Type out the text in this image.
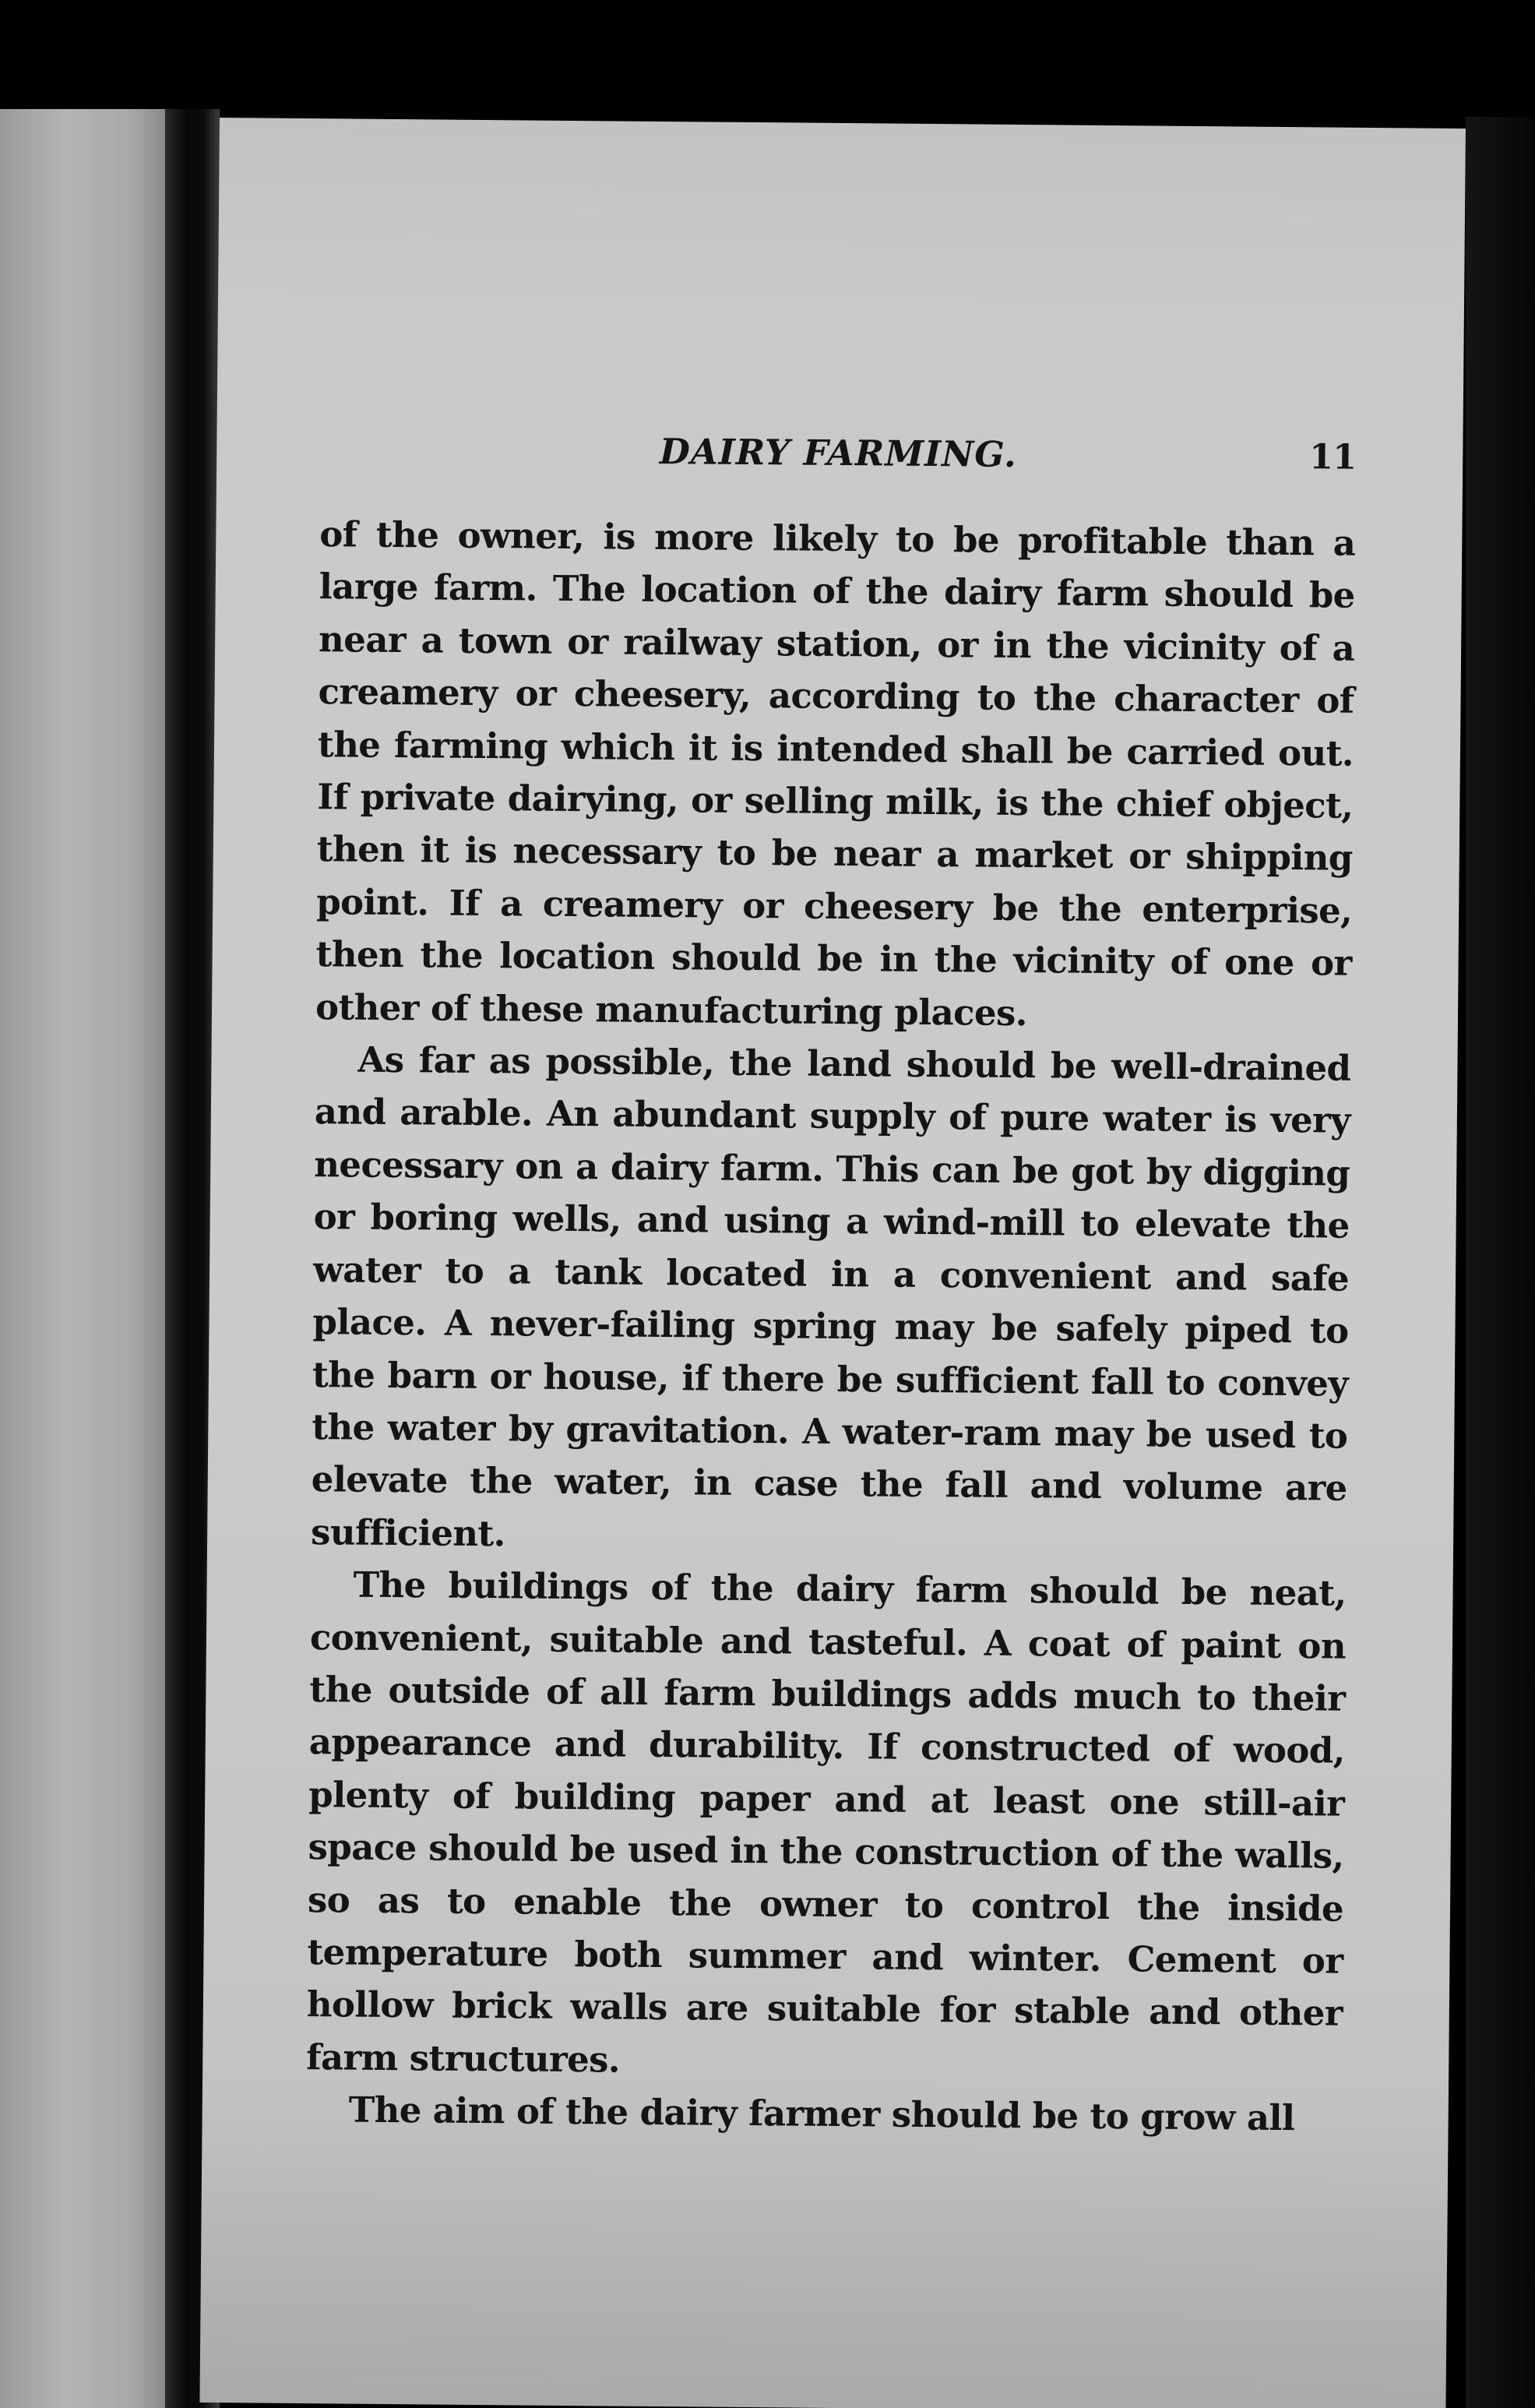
DAIRY FARMING.	11

of the owner, is more likely to be profitable than a large farm. The location of the dairy farm should be near a town or railway station, or in the vicinity of a creamery or cheesery, according to the character of the farming which it is intended shall be carried out. If private dairying, or selling milk, is the chief object, then it is necessary to be near a market or shipping point. If a creamery or cheesery be the enterprise, then the location should be in the vicinity of one or other of these manufacturing places.

As far as possible, the land should be well-drained and arable. An abundant supply of pure water is very necessary on a dairy farm. This can be got by digging or boring wells, and using a wind-mill to elevate the water to a tank located in a convenient and safe place. A never-failing spring may be safely piped to the barn or house, if there be sufficient fall to convey the water by gravitation. A water-ram may be used to elevate the water, in case the fall and volume are sufficient.

The buildings of the dairy farm should be neat, convenient, suitable and tasteful. A coat of paint on the outside of all farm buildings adds much to their appearance and durability. If constructed of wood, plenty of building paper and at least one still-air space should be used in the construction of the walls, so as to enable the owner to control the inside temperature both summer and winter. Cement or hollow brick walls are suitable for stable and other farm structures.

The aim of the dairy farmer should be to grow all
